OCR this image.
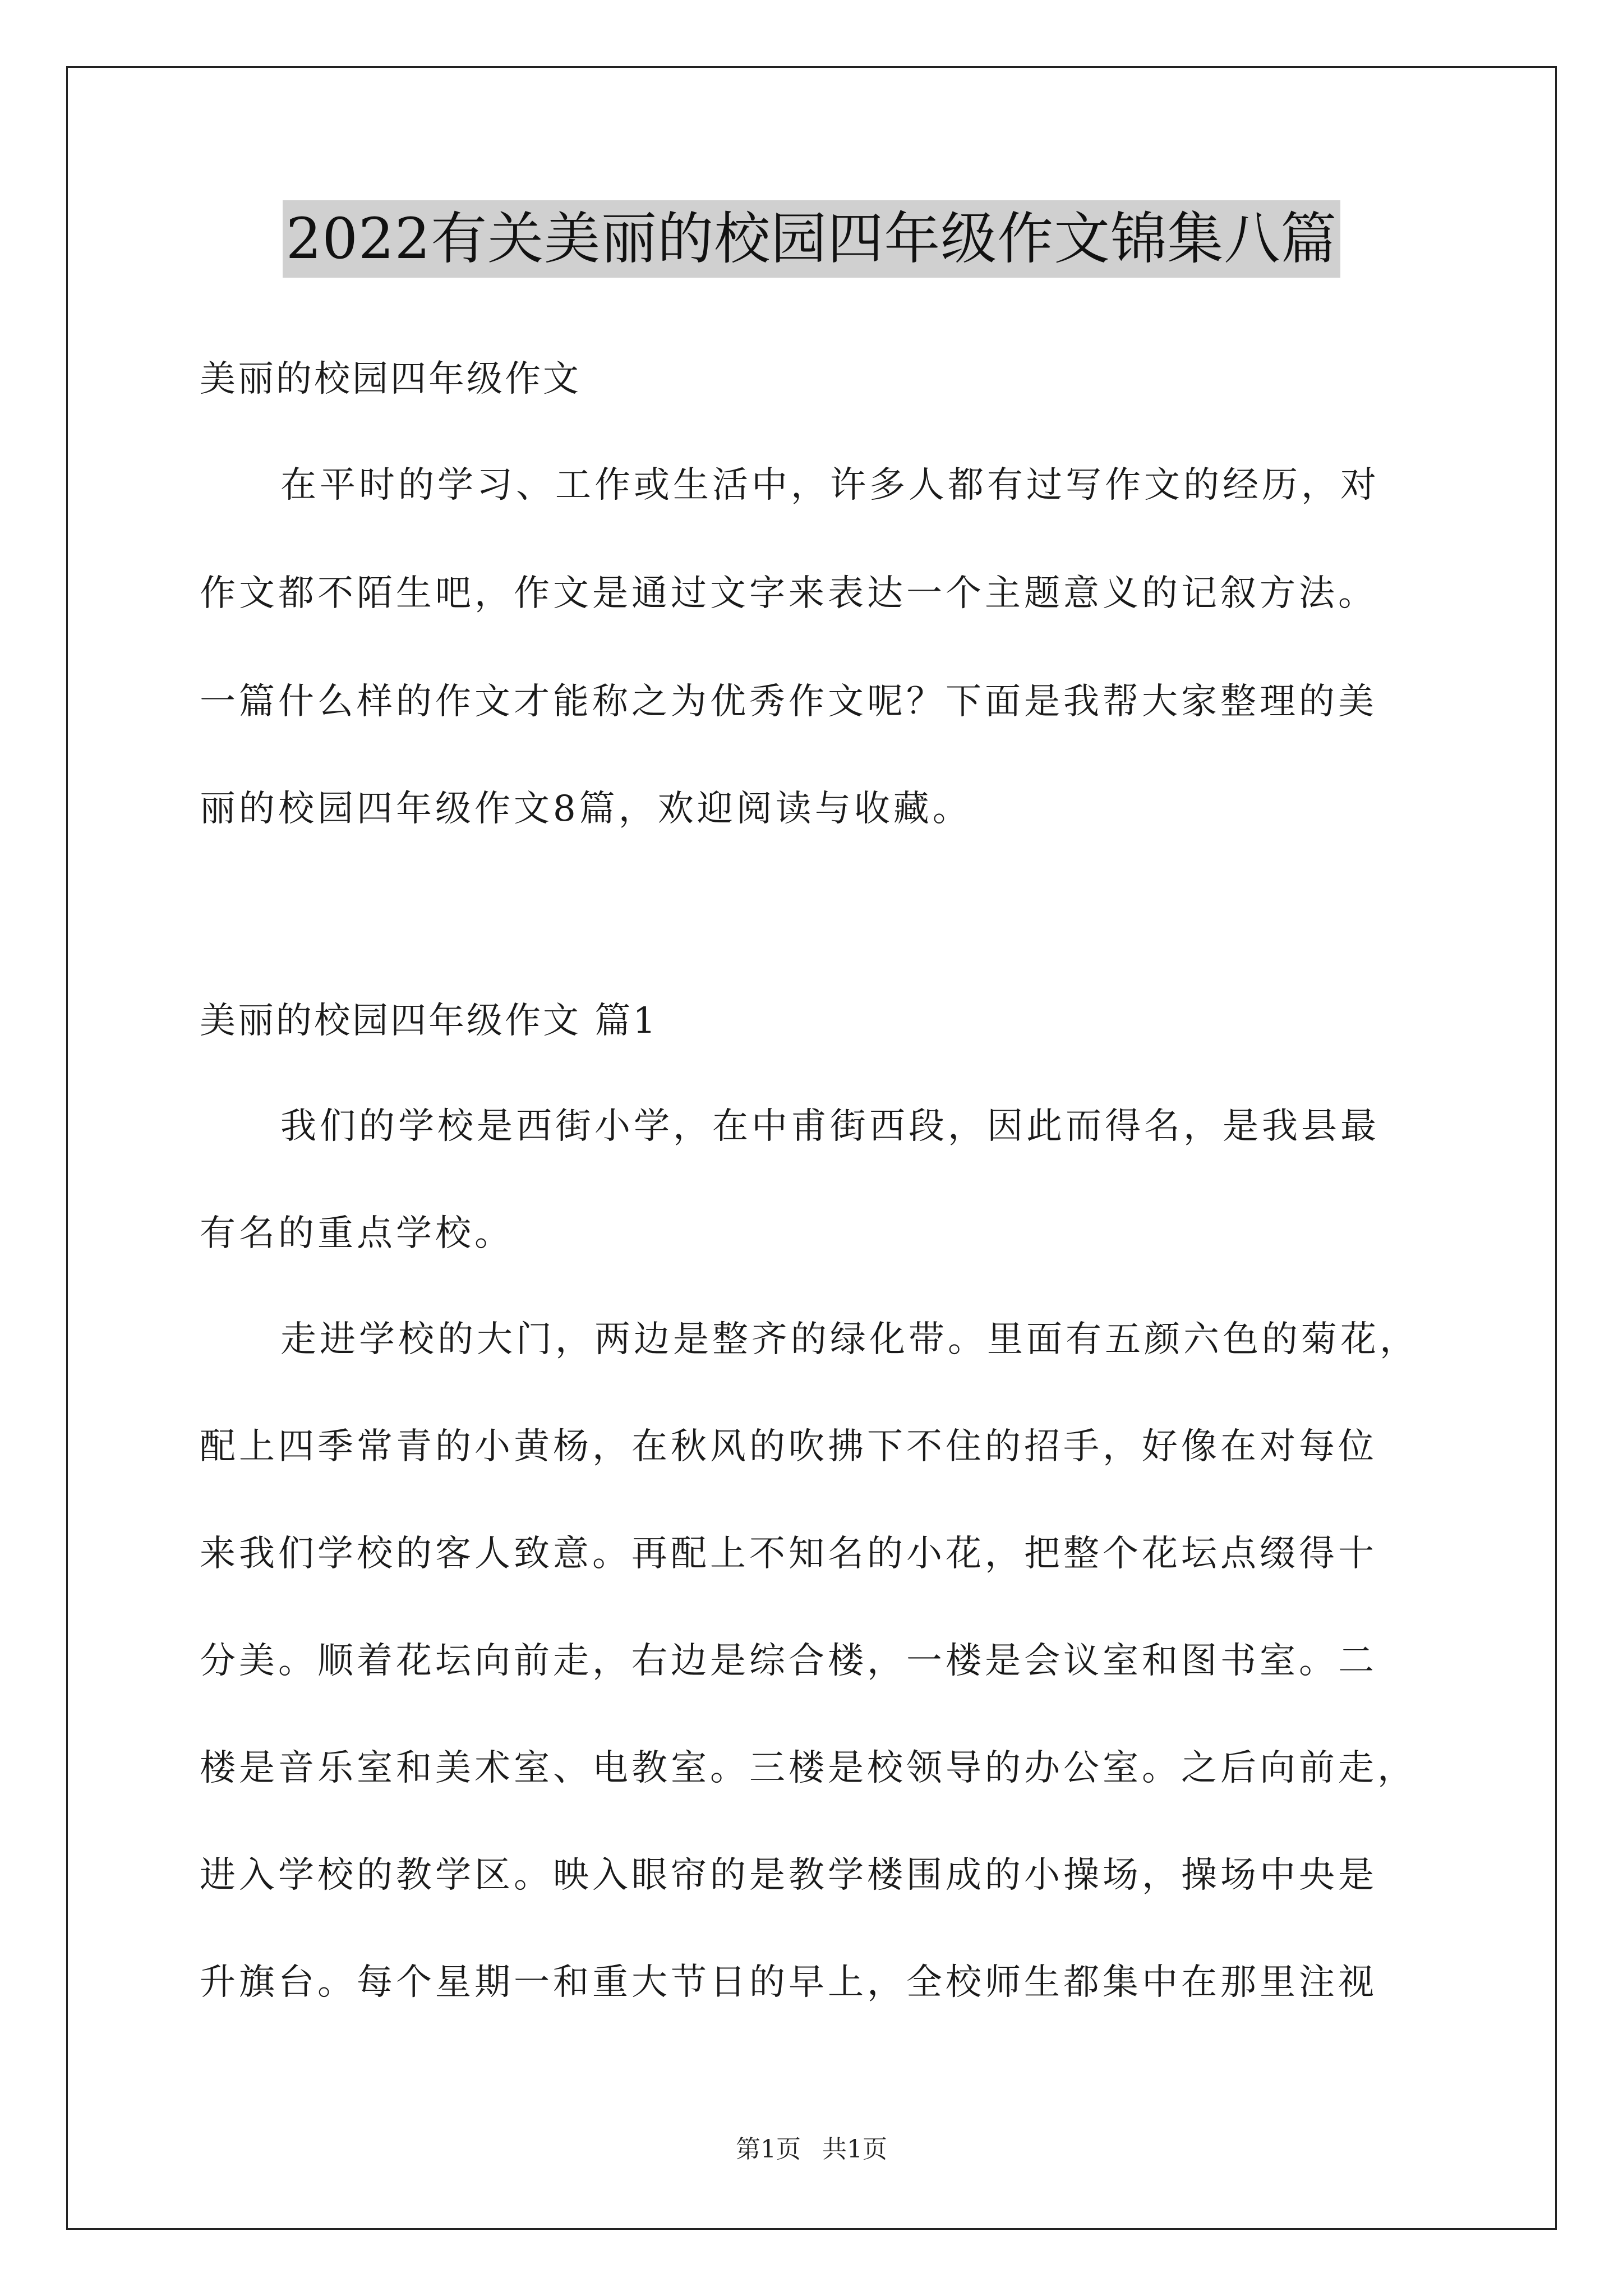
2022有关美丽的校园四年级作文锦集八篇
美丽的校园四年级作文
在平时的学习、工作或生活中，许多人都有过写作文的经历，对
作文都不陌生吧，作文是通过文字来表达一个主题意义的记叙方法。
一篇什么样的作文才能称之为优秀作文呢？下面是我帮大家整理的美
丽的校园四年级作文8篇，欢迎阅读与收藏。
美丽的校园四年级作文 篇1
我们的学校是西街小学，在中甫街西段，因此而得名，是我县最
有名的重点学校。
走进学校的大门，两边是整齐的绿化带。里面有五颜六色的菊花，
配上四季常青的小黄杨，在秋风的吹拂下不住的招手，好像在对每位
来我们学校的客人致意。再配上不知名的小花，把整个花坛点缀得十
分美。顺着花坛向前走，右边是综合楼，一楼是会议室和图书室。二
楼是音乐室和美术室、电教室。三楼是校领导的办公室。之后向前走，
进入学校的教学区。映入眼帘的是教学楼围成的小操场，操场中央是
升旗台。每个星期一和重大节日的早上，全校师生都集中在那里注视
第1页 共1页
